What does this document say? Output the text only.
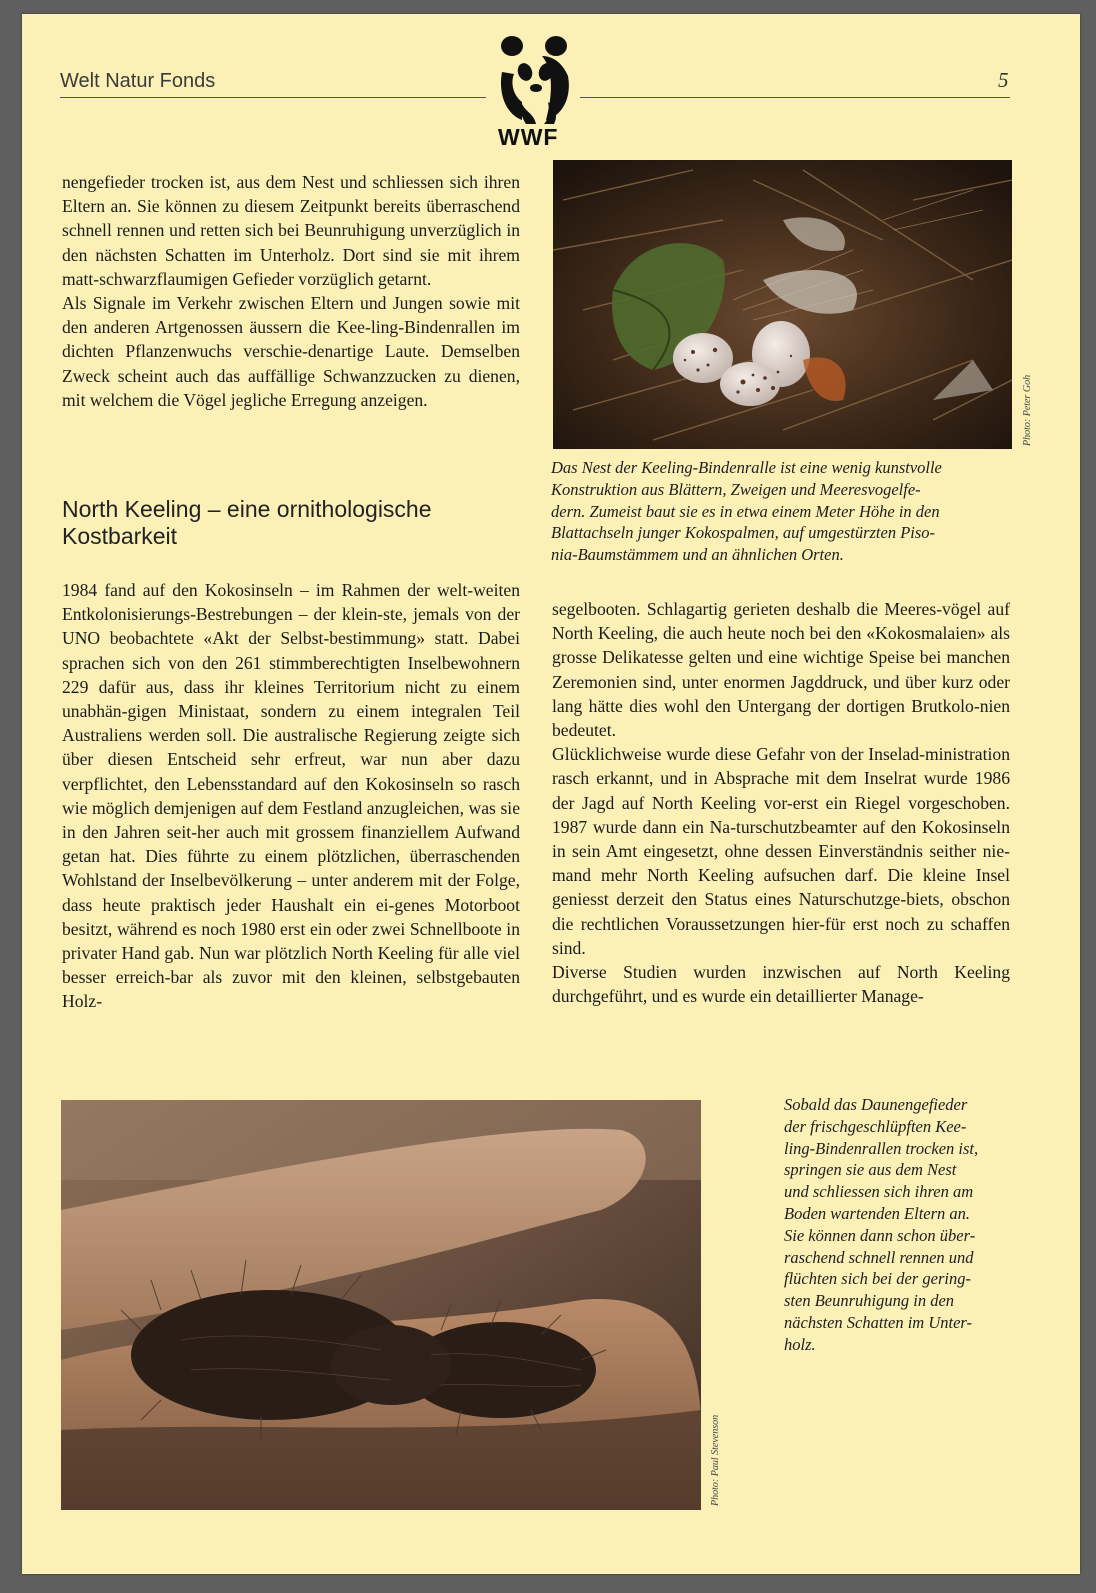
Welt Natur Fonds	5
WWF

nengefieder trocken ist, aus dem Nest und schliessen sich ihren Eltern an. Sie können zu diesem Zeitpunkt bereits überraschend schnell rennen und retten sich bei Beunruhigung unverzüglich in den nächsten Schatten im Unterholz. Dort sind sie mit ihrem matt-schwarzflaumigen Gefieder vorzüglich getarnt.

Als Signale im Verkehr zwischen Eltern und Jungen sowie mit den anderen Artgenossen äussern die Kee-ling-Bindenrallen im dichten Pflanzenwuchs verschie-denartige Laute. Demselben Zweck scheint auch das auffällige Schwanzzucken zu dienen, mit welchem die Vögel jegliche Erregung anzeigen.

North Keeling – eine ornithologische Kostbarkeit

1984 fand auf den Kokosinseln – im Rahmen der welt-weiten Entkolonisierungs-Bestrebungen – der klein-ste, jemals von der UNO beobachtete «Akt der Selbst-bestimmung» statt. Dabei sprachen sich von den 261 stimmberechtigten Inselbewohnern 229 dafür aus, dass ihr kleines Territorium nicht zu einem unabhän-gigen Ministaat, sondern zu einem integralen Teil Australiens werden soll. Die australische Regierung zeigte sich über diesen Entscheid sehr erfreut, war nun aber dazu verpflichtet, den Lebensstandard auf den Kokosinseln so rasch wie möglich demjenigen auf dem Festland anzugleichen, was sie in den Jahren seit-her auch mit grossem finanziellem Aufwand getan hat. Dies führte zu einem plötzlichen, überraschenden Wohlstand der Inselbevölkerung – unter anderem mit der Folge, dass heute praktisch jeder Haushalt ein ei-genes Motorboot besitzt, während es noch 1980 erst ein oder zwei Schnellboote in privater Hand gab. Nun war plötzlich North Keeling für alle viel besser erreich-bar als zuvor mit den kleinen, selbstgebauten Holz-

Photo: Peter Goh
Das Nest der Keeling-Bindenralle ist eine wenig kunstvolle
Konstruktion aus Blättern, Zweigen und Meeresvogelfe-
dern. Zumeist baut sie es in etwa einem Meter Höhe in den
Blattachseln junger Kokospalmen, auf umgestürzten Piso-
nia-Baumstämmem und an ähnlichen Orten.

segelbooten. Schlagartig gerieten deshalb die Meeres-vögel auf North Keeling, die auch heute noch bei den «Kokosmalaien» als grosse Delikatesse gelten und eine wichtige Speise bei manchen Zeremonien sind, unter enormen Jagddruck, und über kurz oder lang hätte dies wohl den Untergang der dortigen Brutkolo-nien bedeutet.

Glücklichweise wurde diese Gefahr von der Inselad-ministration rasch erkannt, und in Absprache mit dem Inselrat wurde 1986 der Jagd auf North Keeling vor-erst ein Riegel vorgeschoben. 1987 wurde dann ein Na-turschutzbeamter auf den Kokosinseln in sein Amt eingesetzt, ohne dessen Einverständnis seither nie-mand mehr North Keeling aufsuchen darf. Die kleine Insel geniesst derzeit den Status eines Naturschutzge-biets, obschon die rechtlichen Voraussetzungen hier-für erst noch zu schaffen sind.

Diverse Studien wurden inzwischen auf North Keeling durchgeführt, und es wurde ein detaillierter Manage-

Photo: Paul Stevenson
Sobald das Daunengefieder
der frischgeschlüpften Kee-
ling-Bindenrallen trocken ist,
springen sie aus dem Nest
und schliessen sich ihren am
Boden wartenden Eltern an.
Sie können dann schon über-
raschend schnell rennen und
flüchten sich bei der gering-
sten Beunruhigung in den
nächsten Schatten im Unter-
holz.
